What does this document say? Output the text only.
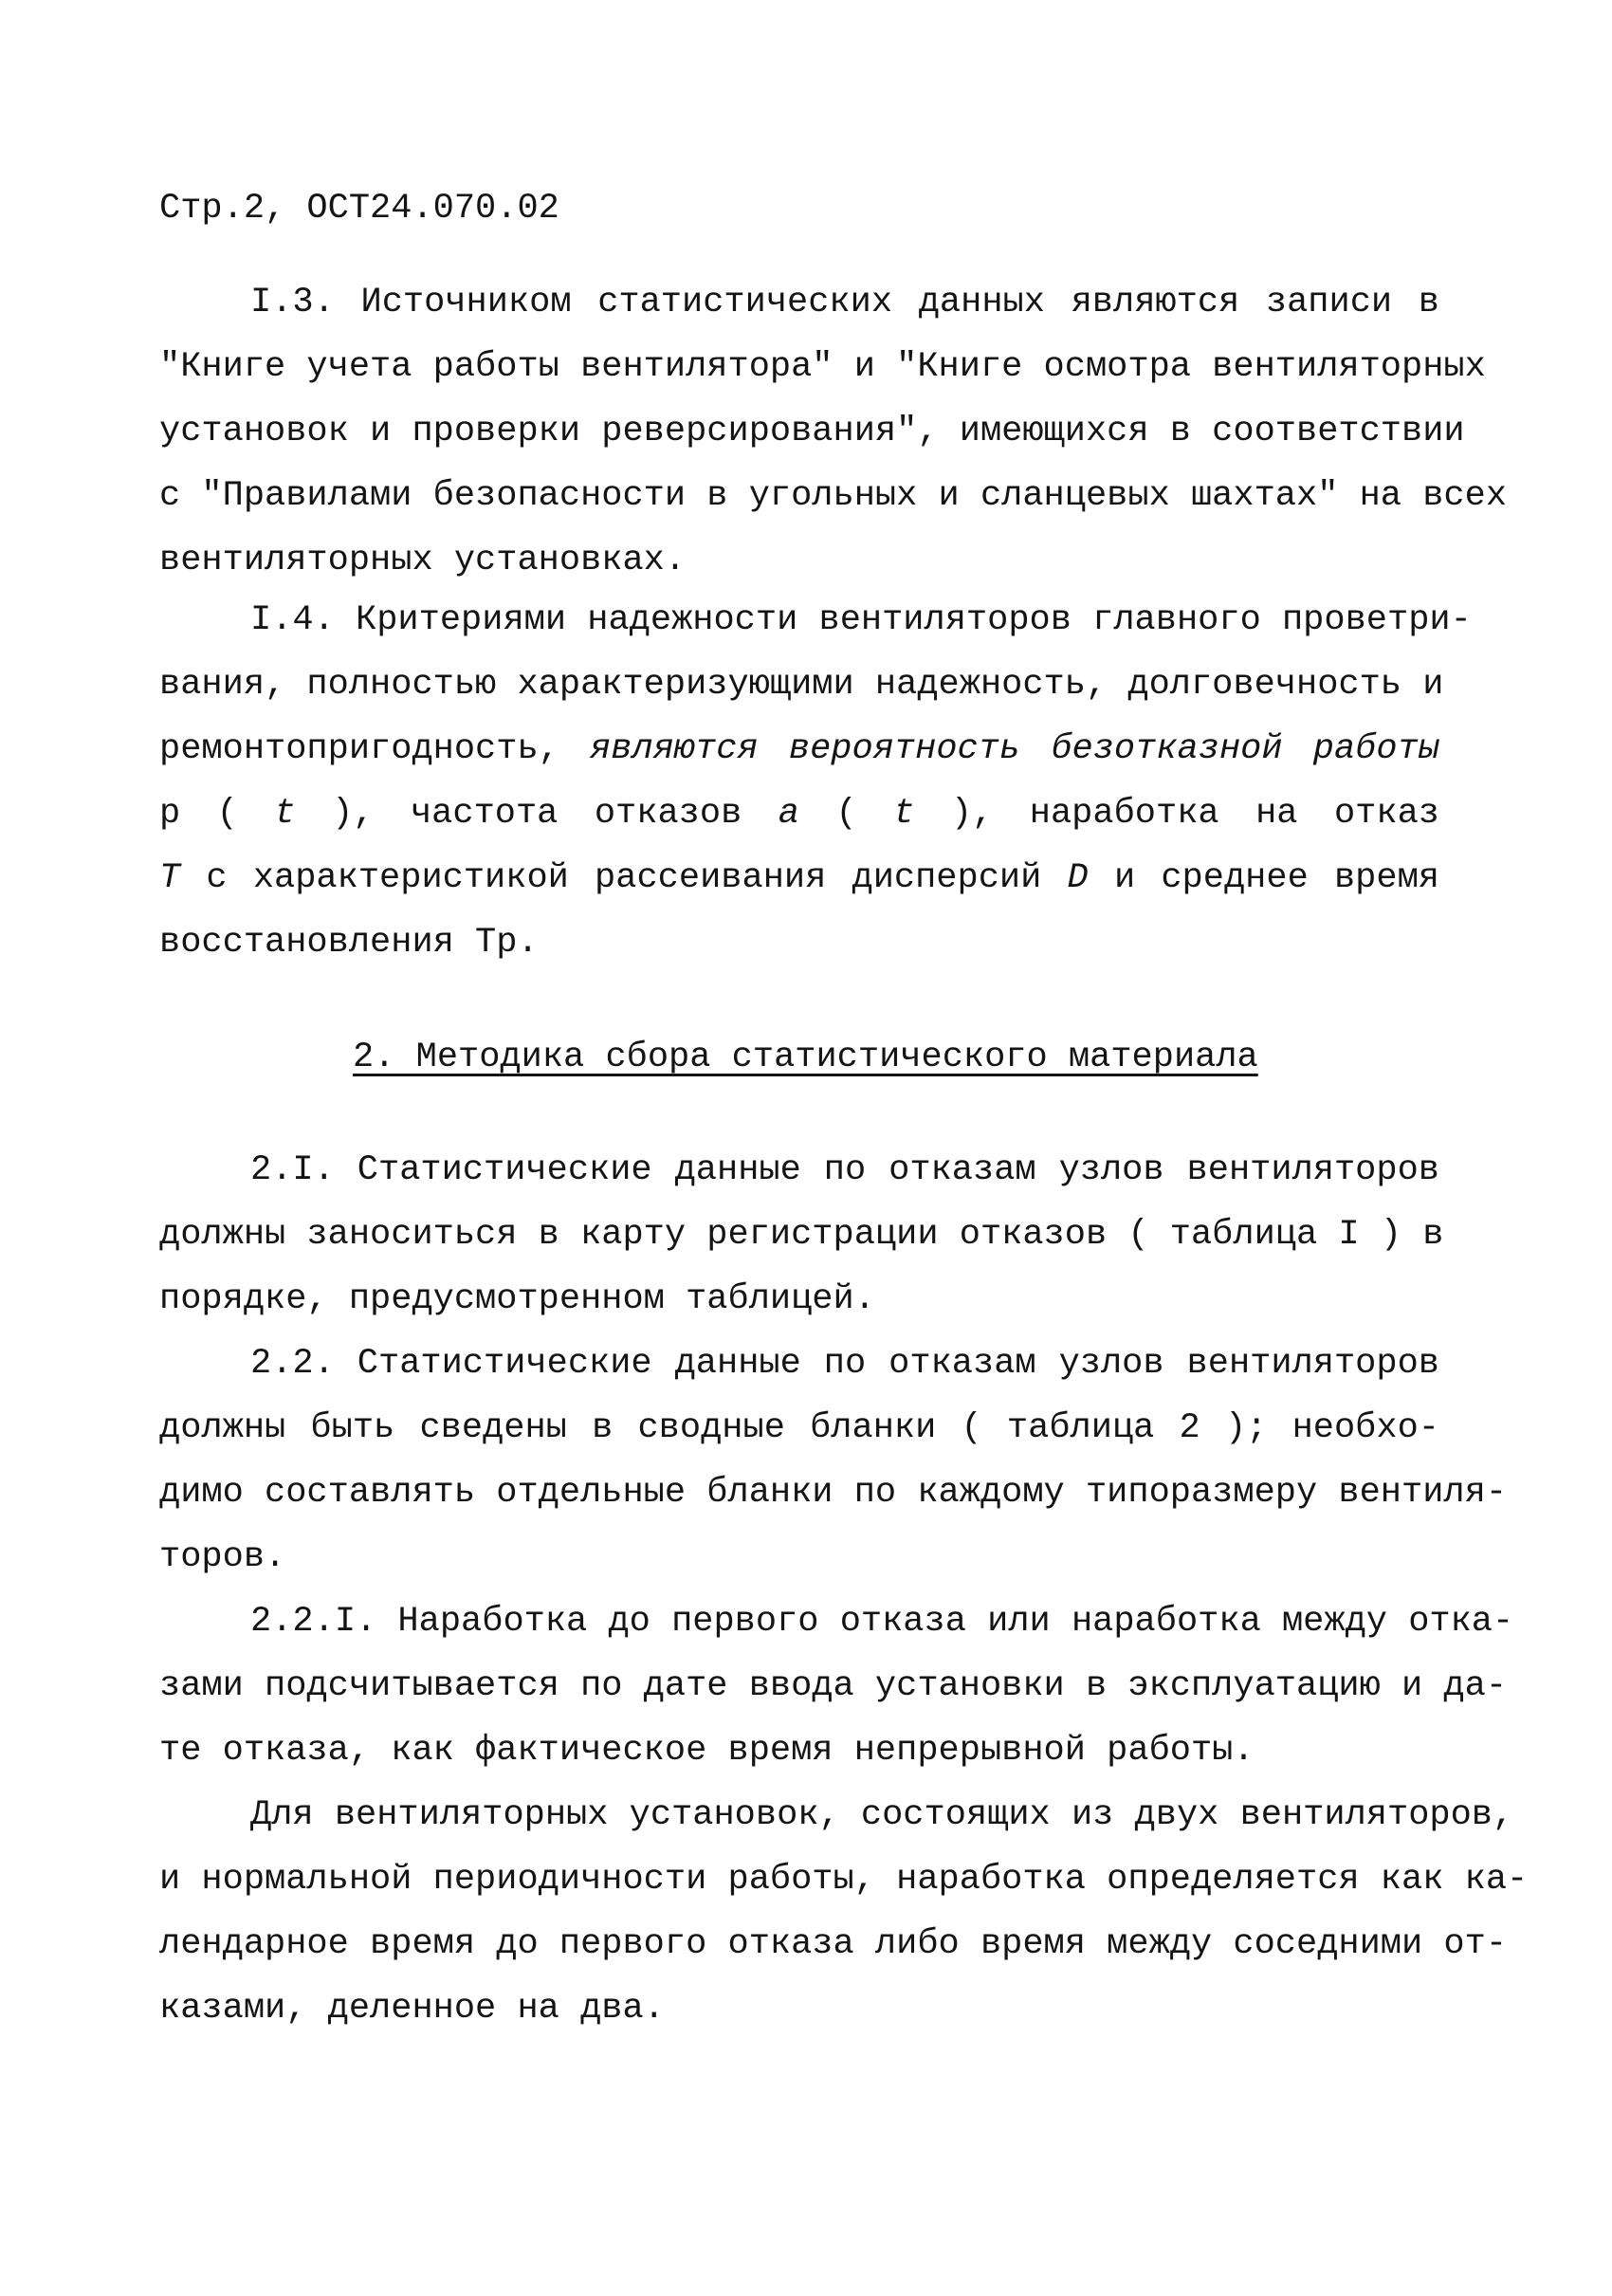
Стр.2, ОСТ24.070.02
I.3. Источником статистических данных являются записи в
"Книге учета работы вентилятора" и "Книге осмотра вентиляторных
установок и проверки реверсирования", имеющихся в соответствии
с "Правилами безопасности в угольных и сланцевых шахтах" на всех
вентиляторных установках.
I.4. Критериями надежности вентиляторов главного проветри-
вания, полностью характеризующими надежность, долговечность и
ремонтопригодность, являются вероятность безотказной работы
р ( t ), частота отказов a ( t ), наработка на отказ
T с характеристикой рассеивания дисперсий D и среднее время
восстановления Тр.
2. Методика сбора статистического материала
2.I. Статистические данные по отказам узлов вентиляторов
должны заноситься в карту регистрации отказов ( таблица I ) в
порядке, предусмотренном таблицей.
2.2. Статистические данные по отказам узлов вентиляторов
должны быть сведены в сводные бланки ( таблица 2 ); необхо-
димо составлять отдельные бланки по каждому типоразмеру вентиля-
торов.
2.2.I. Наработка до первого отказа или наработка между отка-
зами подсчитывается по дате ввода установки в эксплуатацию и да-
те отказа, как фактическое время непрерывной работы.
Для вентиляторных установок, состоящих из двух вентиляторов,
и нормальной периодичности работы, наработка определяется как ка-
лендарное время до первого отказа либо время между соседними от-
казами, деленное на два.
